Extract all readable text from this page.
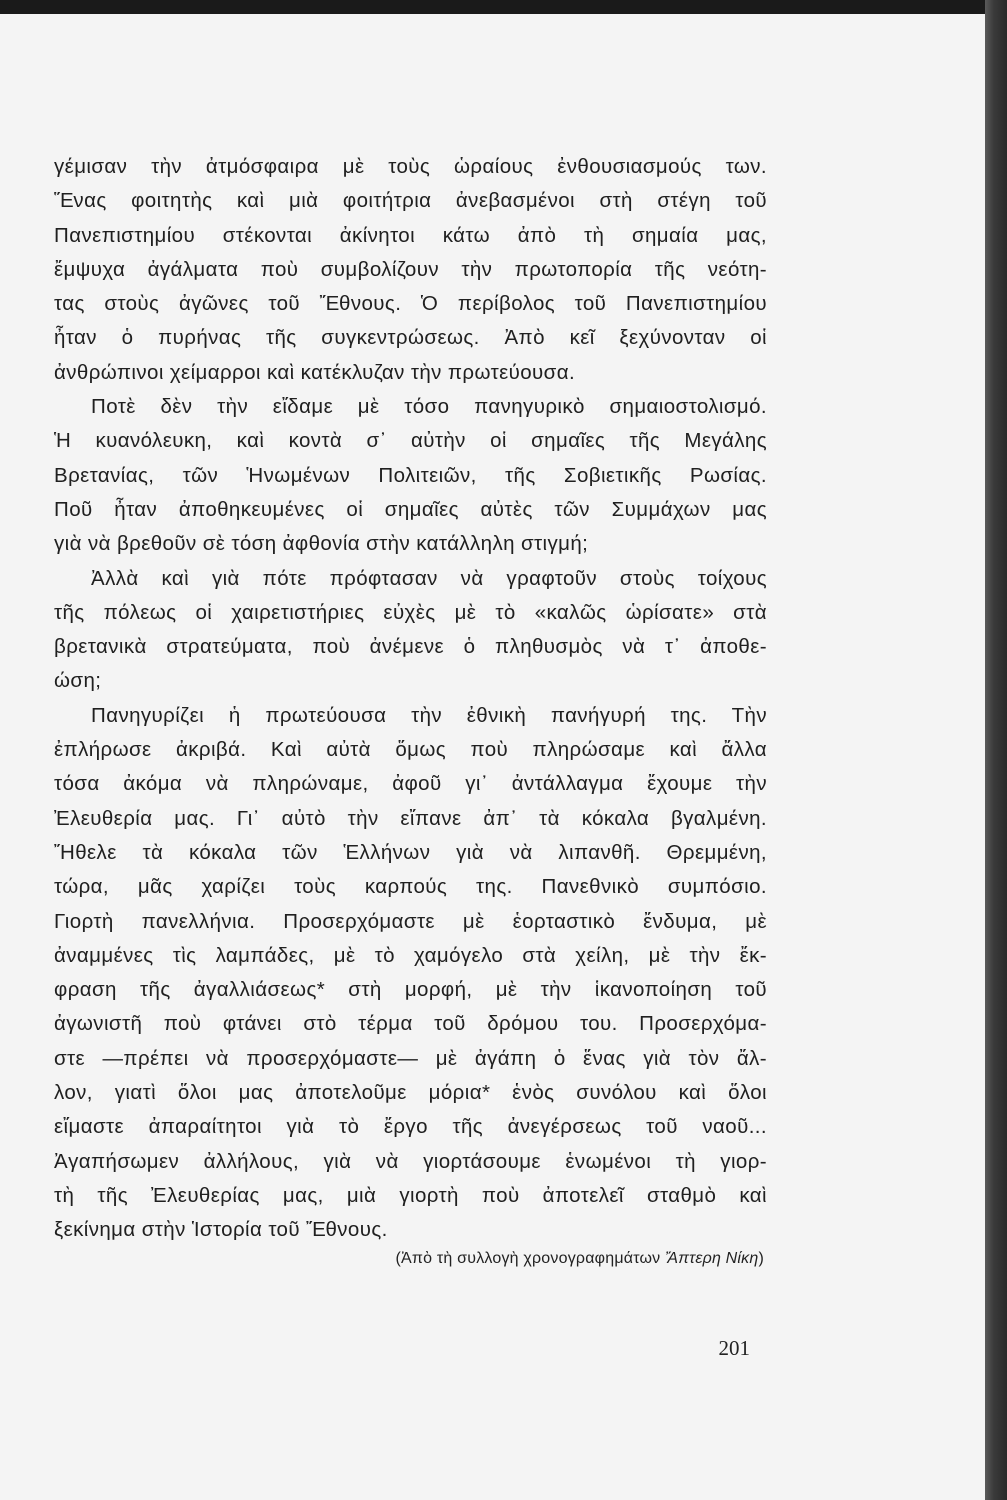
γέμισαν τὴν ἀτμόσφαιρα μὲ τοὺς ὡραίους ἐνθουσιασμούς των.
Ἕνας φοιτητὴς καὶ μιὰ φοιτήτρια ἀνεβασμένοι στὴ στέγη τοῦ
Πανεπιστημίου στέκονται ἀκίνητοι κάτω ἀπὸ τὴ σημαία μας,
ἔμψυχα ἀγάλματα ποὺ συμβολίζουν τὴν πρωτοπορία τῆς νεότη-
τας στοὺς ἀγῶνες τοῦ Ἔθνους. Ὁ περίβολος τοῦ Πανεπιστημίου
ἦταν ὁ πυρήνας τῆς συγκεντρώσεως. Ἀπὸ κεῖ ξεχύνονταν οἱ
ἀνθρώπινοι χείμαρροι καὶ κατέκλυζαν τὴν πρωτεύουσα.
Ποτὲ δὲν τὴν εἴδαμε μὲ τόσο πανηγυρικὸ σημαιοστολισμό.
Ἡ κυανόλευκη, καὶ κοντὰ σ᾽ αὐτὴν οἱ σημαῖες τῆς Μεγάλης
Βρετανίας, τῶν Ἡνωμένων Πολιτειῶν, τῆς Σοβιετικῆς Ρωσίας.
Ποῦ ἦταν ἀποθηκευμένες οἱ σημαῖες αὐτὲς τῶν Συμμάχων μας
γιὰ νὰ βρεθοῦν σὲ τόση ἀφθονία στὴν κατάλληλη στιγμή;
Ἀλλὰ καὶ γιὰ πότε πρόφτασαν νὰ γραφτοῦν στοὺς τοίχους
τῆς πόλεως οἱ χαιρετιστήριες εὐχὲς μὲ τὸ «καλῶς ὡρίσατε» στὰ
βρετανικὰ στρατεύματα, ποὺ ἀνέμενε ὁ πληθυσμὸς νὰ τ᾽ ἀποθε-
ώση;
Πανηγυρίζει ἡ πρωτεύουσα τὴν ἐθνικὴ πανήγυρή της. Τὴν
ἐπλήρωσε ἀκριβά. Καὶ αὐτὰ ὅμως ποὺ πληρώσαμε καὶ ἄλλα
τόσα ἀκόμα νὰ πληρώναμε, ἀφοῦ γι᾽ ἀντάλλαγμα ἔχουμε τὴν
Ἐλευθερία μας. Γι᾽ αὐτὸ τὴν εἴπανε ἀπ᾽ τὰ κόκαλα βγαλμένη.
Ἤθελε τὰ κόκαλα τῶν Ἑλλήνων γιὰ νὰ λιπανθῆ. Θρεμμένη,
τώρα, μᾶς χαρίζει τοὺς καρπούς της. Πανεθνικὸ συμπόσιο.
Γιορτὴ πανελλήνια. Προσερχόμαστε μὲ ἑορταστικὸ ἔνδυμα, μὲ
ἀναμμένες τὶς λαμπάδες, μὲ τὸ χαμόγελο στὰ χείλη, μὲ τὴν ἔκ-
φραση τῆς ἀγαλλιάσεως* στὴ μορφή, μὲ τὴν ἱκανοποίηση τοῦ
ἀγωνιστῆ ποὺ φτάνει στὸ τέρμα τοῦ δρόμου του. Προσερχόμα-
στε —πρέπει νὰ προσερχόμαστε— μὲ ἀγάπη ὁ ἕνας γιὰ τὸν ἄλ-
λον, γιατὶ ὅλοι μας ἀποτελοῦμε μόρια* ἑνὸς συνόλου καὶ ὅλοι
εἴμαστε ἀπαραίτητοι γιὰ τὸ ἔργο τῆς ἀνεγέρσεως τοῦ ναοῦ...
Ἀγαπήσωμεν ἀλλήλους, γιὰ νὰ γιορτάσουμε ἑνωμένοι τὴ γιορ-
τὴ τῆς Ἐλευθερίας μας, μιὰ γιορτὴ ποὺ ἀποτελεῖ σταθμὸ καὶ
ξεκίνημα στὴν Ἱστορία τοῦ Ἔθνους.
(Ἀπὸ τὴ συλλογὴ χρονογραφημάτων Ἄπτερη Νίκη)
201
